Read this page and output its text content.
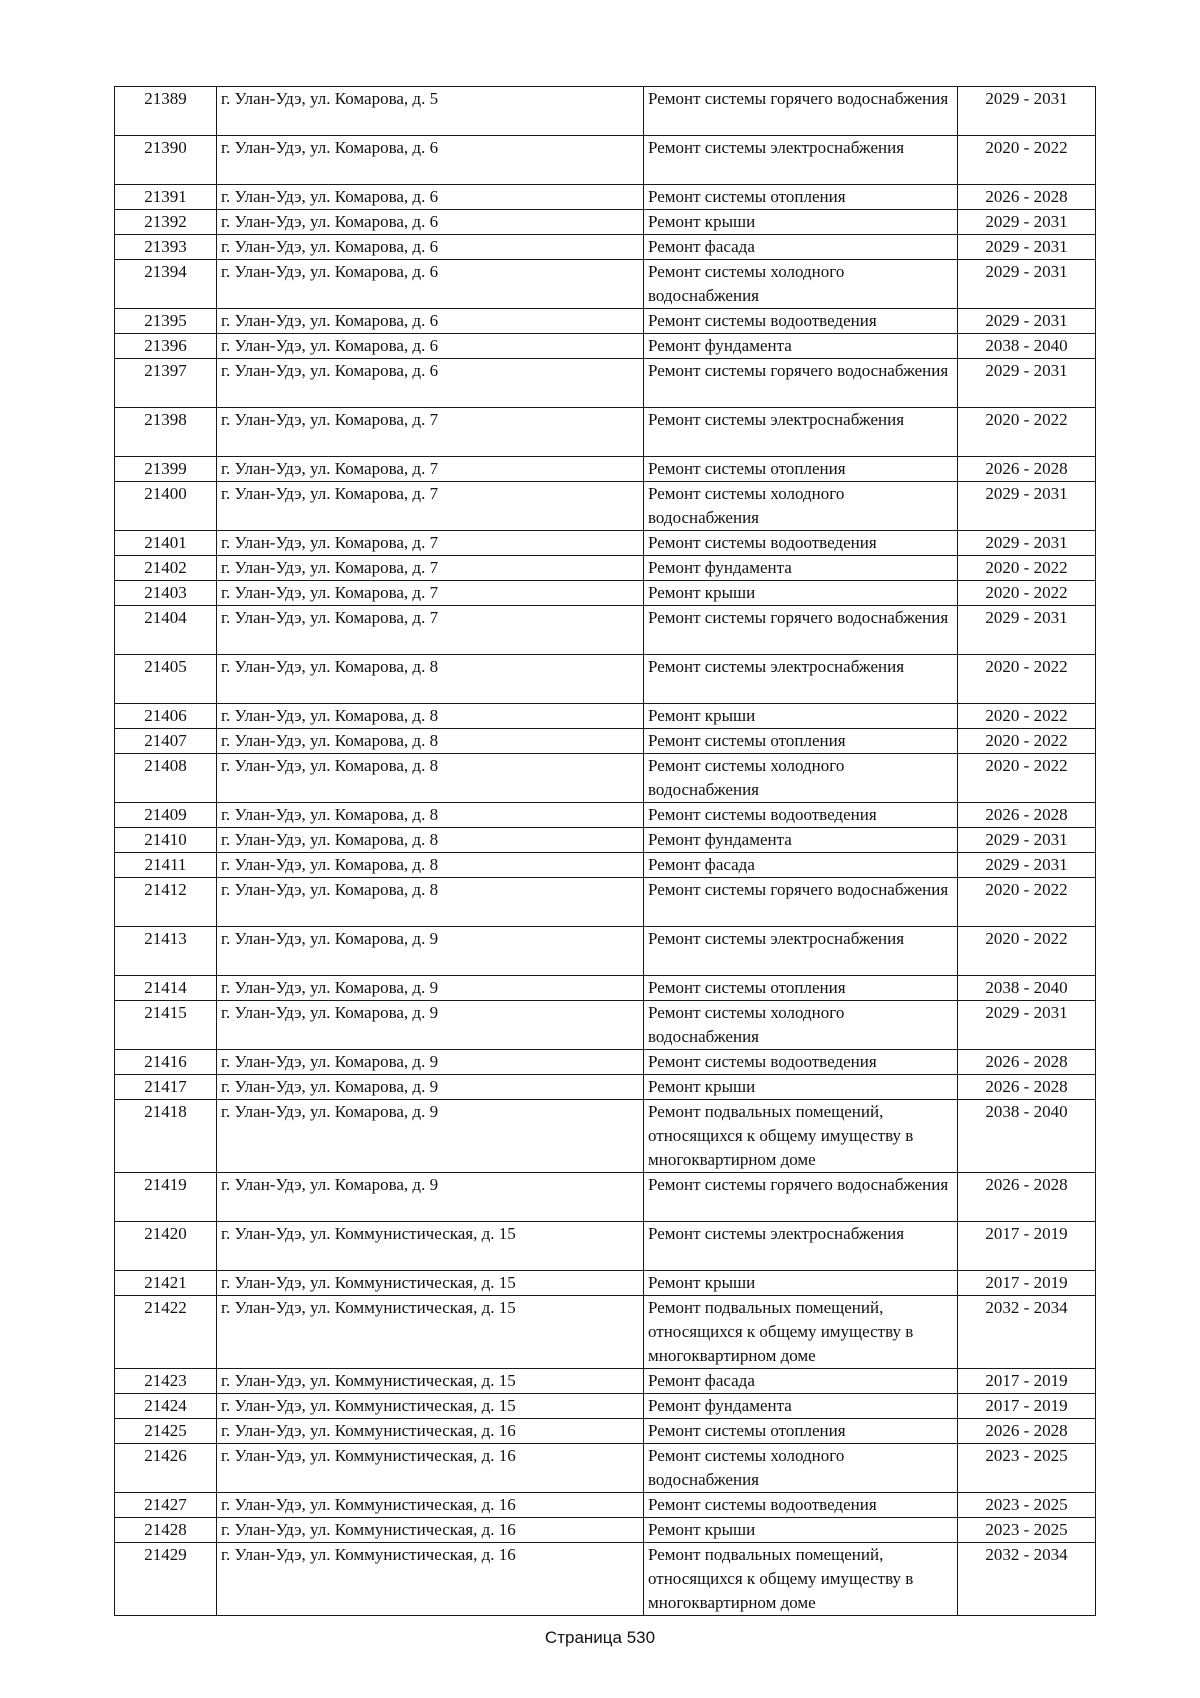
21389	г. Улан-Удэ, ул. Комарова, д. 5	Ремонт системы горячего водоснабжения	2029 - 2031
21390	г. Улан-Удэ, ул. Комарова, д. 6	Ремонт системы электроснабжения	2020 - 2022
21391	г. Улан-Удэ, ул. Комарова, д. 6	Ремонт системы отопления	2026 - 2028
21392	г. Улан-Удэ, ул. Комарова, д. 6	Ремонт крыши	2029 - 2031
21393	г. Улан-Удэ, ул. Комарова, д. 6	Ремонт фасада	2029 - 2031
21394	г. Улан-Удэ, ул. Комарова, д. 6	Ремонт системы холодного водоснабжения	2029 - 2031
21395	г. Улан-Удэ, ул. Комарова, д. 6	Ремонт системы водоотведения	2029 - 2031
21396	г. Улан-Удэ, ул. Комарова, д. 6	Ремонт фундамента	2038 - 2040
21397	г. Улан-Удэ, ул. Комарова, д. 6	Ремонт системы горячего водоснабжения	2029 - 2031
21398	г. Улан-Удэ, ул. Комарова, д. 7	Ремонт системы электроснабжения	2020 - 2022
21399	г. Улан-Удэ, ул. Комарова, д. 7	Ремонт системы отопления	2026 - 2028
21400	г. Улан-Удэ, ул. Комарова, д. 7	Ремонт системы холодного водоснабжения	2029 - 2031
21401	г. Улан-Удэ, ул. Комарова, д. 7	Ремонт системы водоотведения	2029 - 2031
21402	г. Улан-Удэ, ул. Комарова, д. 7	Ремонт фундамента	2020 - 2022
21403	г. Улан-Удэ, ул. Комарова, д. 7	Ремонт крыши	2020 - 2022
21404	г. Улан-Удэ, ул. Комарова, д. 7	Ремонт системы горячего водоснабжения	2029 - 2031
21405	г. Улан-Удэ, ул. Комарова, д. 8	Ремонт системы электроснабжения	2020 - 2022
21406	г. Улан-Удэ, ул. Комарова, д. 8	Ремонт крыши	2020 - 2022
21407	г. Улан-Удэ, ул. Комарова, д. 8	Ремонт системы отопления	2020 - 2022
21408	г. Улан-Удэ, ул. Комарова, д. 8	Ремонт системы холодного водоснабжения	2020 - 2022
21409	г. Улан-Удэ, ул. Комарова, д. 8	Ремонт системы водоотведения	2026 - 2028
21410	г. Улан-Удэ, ул. Комарова, д. 8	Ремонт фундамента	2029 - 2031
21411	г. Улан-Удэ, ул. Комарова, д. 8	Ремонт фасада	2029 - 2031
21412	г. Улан-Удэ, ул. Комарова, д. 8	Ремонт системы горячего водоснабжения	2020 - 2022
21413	г. Улан-Удэ, ул. Комарова, д. 9	Ремонт системы электроснабжения	2020 - 2022
21414	г. Улан-Удэ, ул. Комарова, д. 9	Ремонт системы отопления	2038 - 2040
21415	г. Улан-Удэ, ул. Комарова, д. 9	Ремонт системы холодного водоснабжения	2029 - 2031
21416	г. Улан-Удэ, ул. Комарова, д. 9	Ремонт системы водоотведения	2026 - 2028
21417	г. Улан-Удэ, ул. Комарова, д. 9	Ремонт крыши	2026 - 2028
21418	г. Улан-Удэ, ул. Комарова, д. 9	Ремонт подвальных помещений, относящихся к общему имуществу в многоквартирном доме	2038 - 2040
21419	г. Улан-Удэ, ул. Комарова, д. 9	Ремонт системы горячего водоснабжения	2026 - 2028
21420	г. Улан-Удэ, ул. Коммунистическая, д. 15	Ремонт системы электроснабжения	2017 - 2019
21421	г. Улан-Удэ, ул. Коммунистическая, д. 15	Ремонт крыши	2017 - 2019
21422	г. Улан-Удэ, ул. Коммунистическая, д. 15	Ремонт подвальных помещений, относящихся к общему имуществу в многоквартирном доме	2032 - 2034
21423	г. Улан-Удэ, ул. Коммунистическая, д. 15	Ремонт фасада	2017 - 2019
21424	г. Улан-Удэ, ул. Коммунистическая, д. 15	Ремонт фундамента	2017 - 2019
21425	г. Улан-Удэ, ул. Коммунистическая, д. 16	Ремонт системы отопления	2026 - 2028
21426	г. Улан-Удэ, ул. Коммунистическая, д. 16	Ремонт системы холодного водоснабжения	2023 - 2025
21427	г. Улан-Удэ, ул. Коммунистическая, д. 16	Ремонт системы водоотведения	2023 - 2025
21428	г. Улан-Удэ, ул. Коммунистическая, д. 16	Ремонт крыши	2023 - 2025
21429	г. Улан-Удэ, ул. Коммунистическая, д. 16	Ремонт подвальных помещений, относящихся к общему имуществу в многоквартирном доме	2032 - 2034
Страница 530
